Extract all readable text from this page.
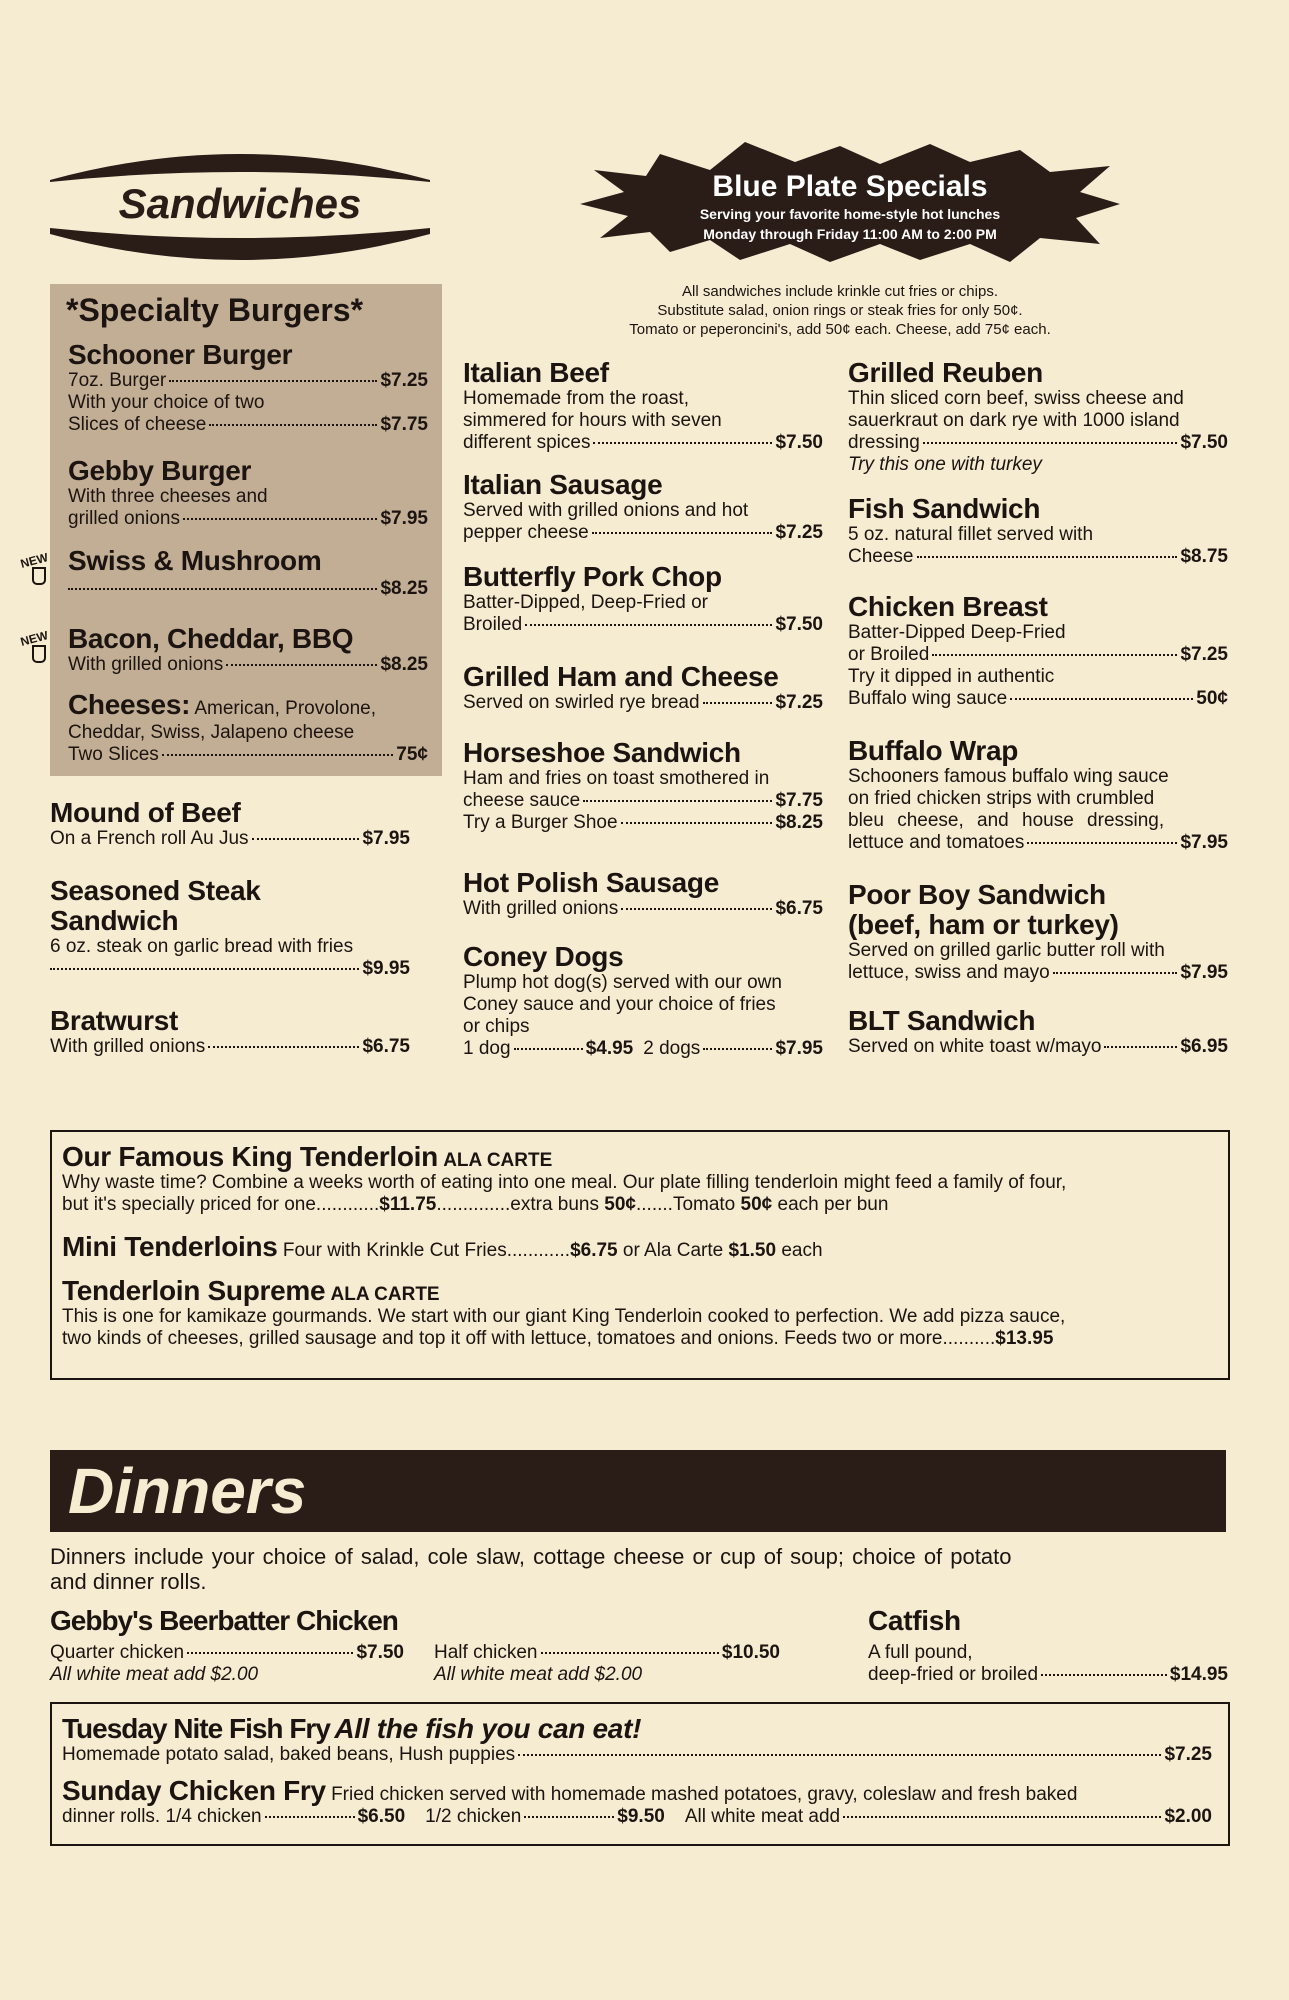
Sandwiches	Blue Plate Specials
Serving your favorite home-style hot lunches
Monday through Friday 11:00 AM to 2:00 PM
All sandwiches include krinkle cut fries or chips.
Substitute salad, onion rings or steak fries for only 50¢.
Tomato or peperoncini's, add 50¢ each. Cheese, add 75¢ each.
*Specialty Burgers*
Schooner Burger
7oz. Burger	$7.25
With your choice of two
Slices of cheese	$7.75
Gebby Burger
With three cheeses and
grilled onions	$7.95
NEW Swiss & Mushroom
$8.25
NEW Bacon, Cheddar, BBQ
With grilled onions	$8.25
Cheeses: American, Provolone,
Cheddar, Swiss, Jalapeno cheese
Two Slices	75¢
Mound of Beef
On a French roll Au Jus	$7.95
Seasoned Steak
Sandwich
6 oz. steak on garlic bread with fries
$9.95
Bratwurst
With grilled onions	$6.75
Italian Beef
Homemade from the roast,
simmered for hours with seven
different spices	$7.50
Italian Sausage
Served with grilled onions and hot
pepper cheese	$7.25
Butterfly Pork Chop
Batter-Dipped, Deep-Fried or
Broiled	$7.50
Grilled Ham and Cheese
Served on swirled rye bread	$7.25
Horseshoe Sandwich
Ham and fries on toast smothered in
cheese sauce	$7.75
Try a Burger Shoe	$8.25
Hot Polish Sausage
With grilled onions	$6.75
Coney Dogs
Plump hot dog(s) served with our own
Coney sauce and your choice of fries
or chips
1 dog	$4.95 2 dogs	$7.95
Grilled Reuben
Thin sliced corn beef, swiss cheese and
sauerkraut on dark rye with 1000 island
dressing	$7.50
Try this one with turkey
Fish Sandwich
5 oz. natural fillet served with
Cheese	$8.75
Chicken Breast
Batter-Dipped Deep-Fried
or Broiled	$7.25
Try it dipped in authentic
Buffalo wing sauce	50¢
Buffalo Wrap
Schooners famous buffalo wing sauce
on fried chicken strips with crumbled
bleu cheese, and house dressing,
lettuce and tomatoes	$7.95
Poor Boy Sandwich
(beef, ham or turkey)
Served on grilled garlic butter roll with
lettuce, swiss and mayo	$7.95
BLT Sandwich
Served on white toast w/mayo	$6.95
Our Famous King Tenderloin ALA CARTE
Why waste time? Combine a weeks worth of eating into one meal. Our plate filling tenderloin might feed a family of four,
but it's specially priced for one............$11.75..............extra buns 50¢.......Tomato 50¢ each per bun
Mini Tenderloins Four with Krinkle Cut Fries............$6.75 or Ala Carte $1.50 each
Tenderloin Supreme ALA CARTE
This is one for kamikaze gourmands. We start with our giant King Tenderloin cooked to perfection. We add pizza sauce,
two kinds of cheeses, grilled sausage and top it off with lettuce, tomatoes and onions. Feeds two or more..........$13.95
Dinners
Dinners include your choice of salad, cole slaw, cottage cheese or cup of soup; choice of potato
and dinner rolls.
Gebby's Beerbatter Chicken
Quarter chicken	$7.50
All white meat add $2.00
Half chicken	$10.50
All white meat add $2.00
Catfish
A full pound,
deep-fried or broiled	$14.95
Tuesday Nite Fish Fry All the fish you can eat!
Homemade potato salad, baked beans, Hush puppies	$7.25
Sunday Chicken Fry Fried chicken served with homemade mashed potatoes, gravy, coleslaw and fresh baked
dinner rolls. 1/4 chicken	$6.50 1/2 chicken	$9.50 All white meat add	$2.00
